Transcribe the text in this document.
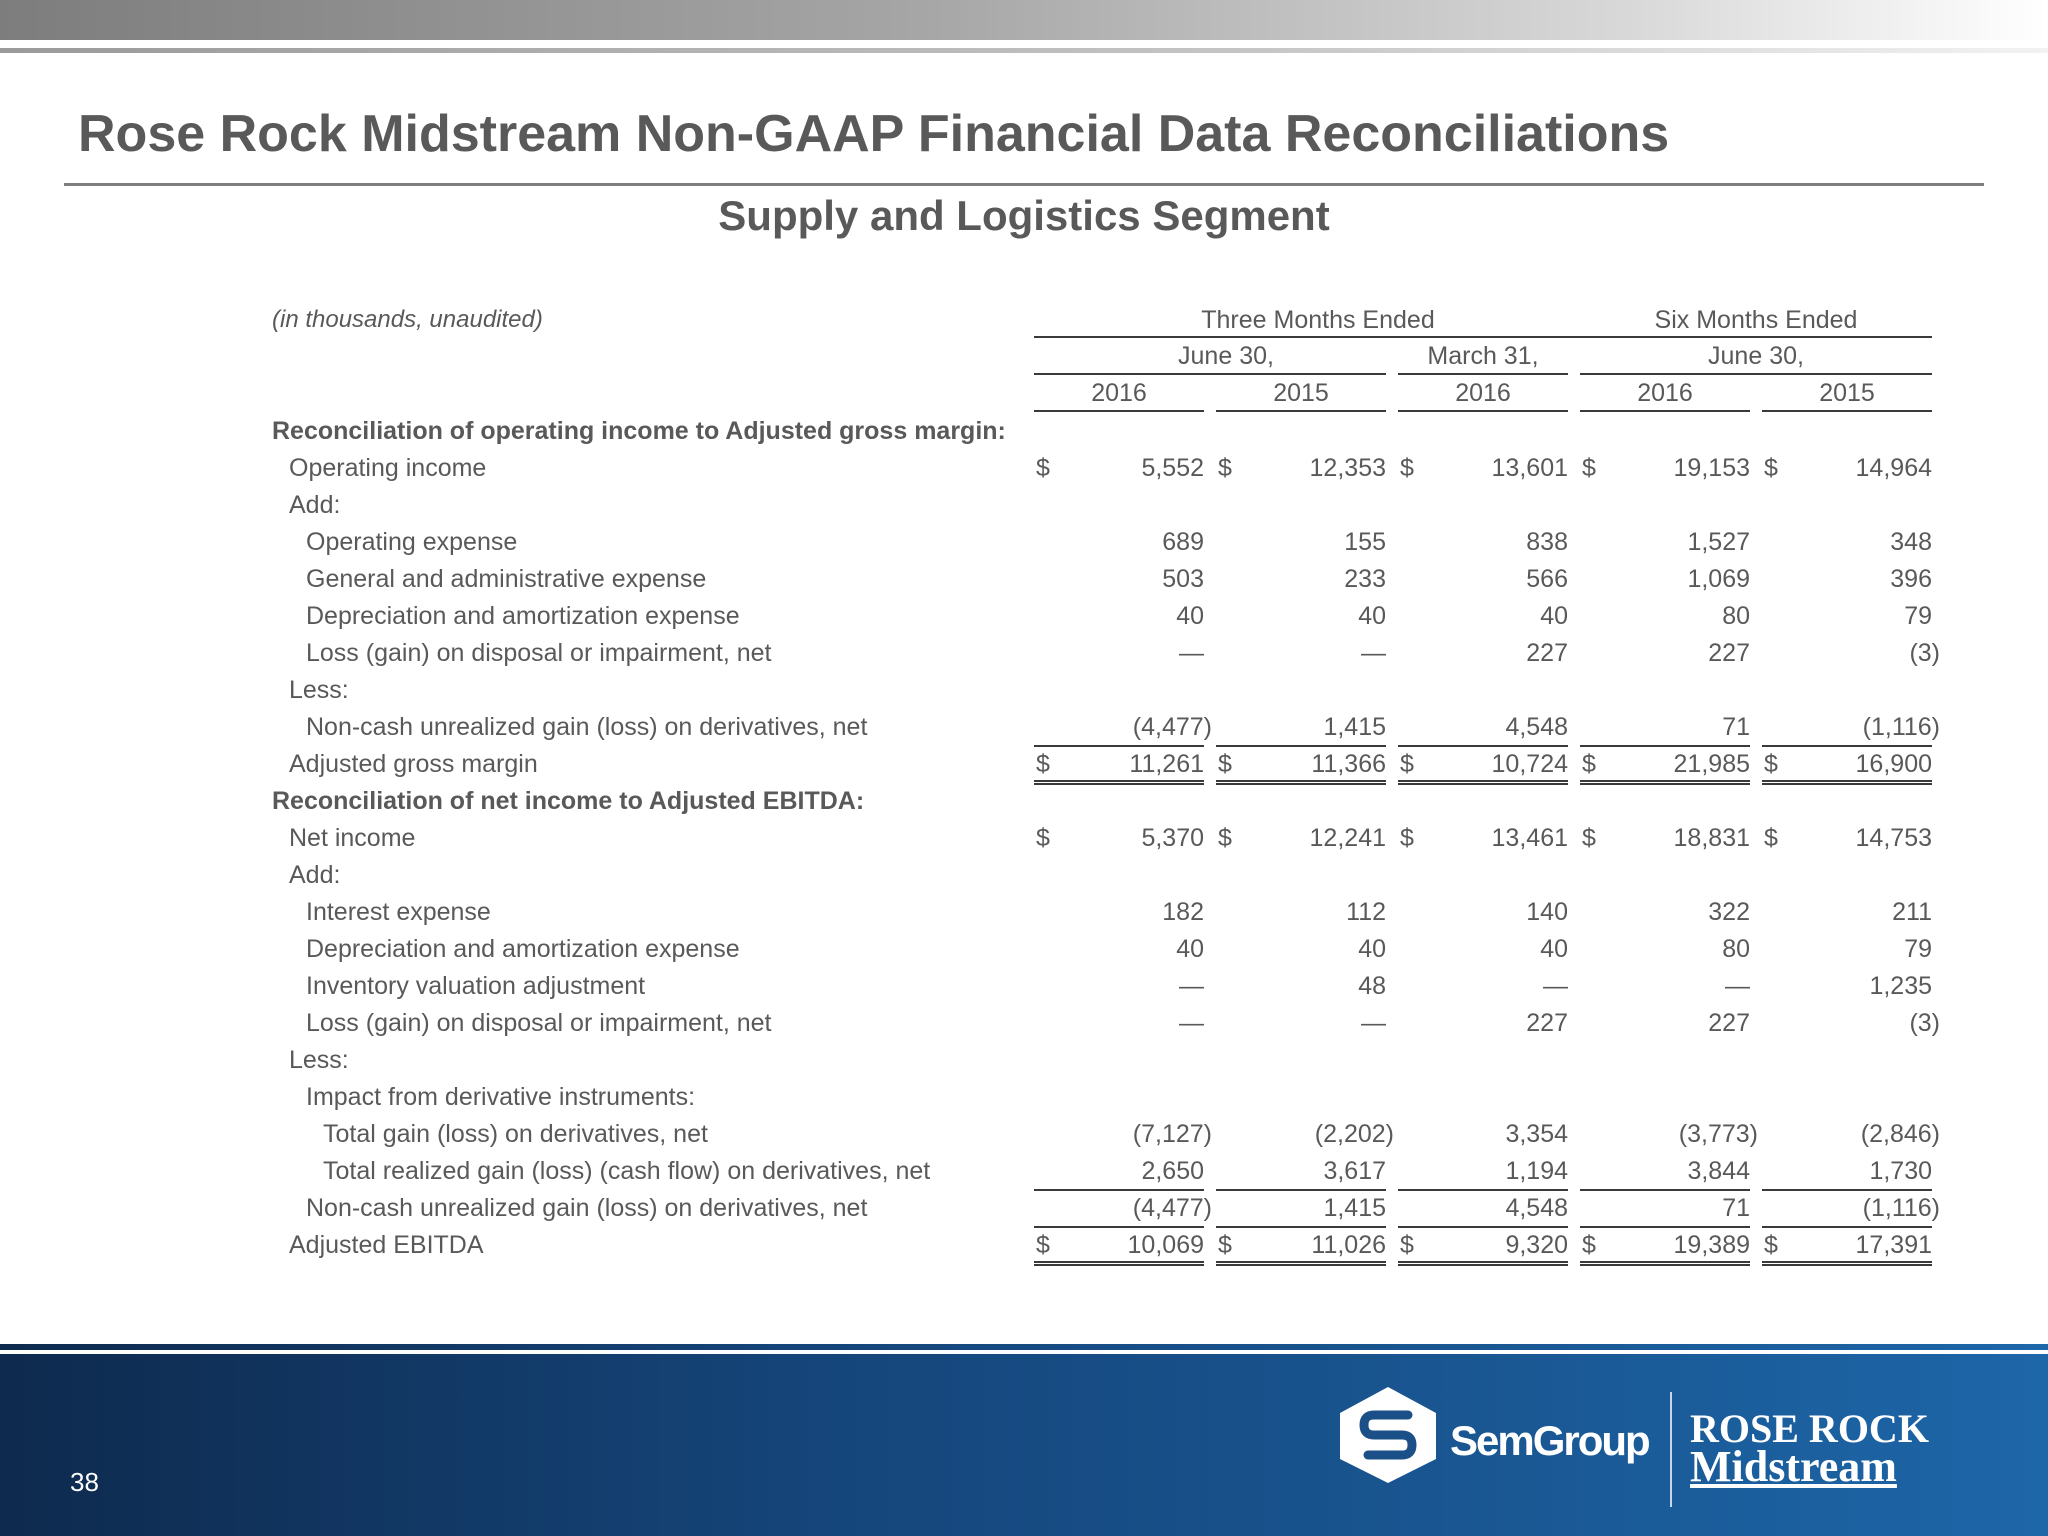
Rose Rock Midstream Non-GAAP Financial Data Reconciliations
Supply and Logistics Segment
(in thousands, unaudited)	Three Months Ended	Six Months Ended
June 30,	March 31,	June 30,
2016	2015	2016	2016	2015
Reconciliation of operating income to Adjusted gross margin:
Operating income	$	5,552 $	12,353 $	13,601 $	19,153 $	14,964
Add:
Operating expense	689	155	838	1,527	348
General and administrative expense	503	233	566	1,069	396
Depreciation and amortization expense	40	40	40	80	79
Loss (gain) on disposal or impairment, net	—	—	227	227	(3)
Less:
Non-cash unrealized gain (loss) on derivatives, net	(4,477)	1,415	4,548	71	(1,116)
Adjusted gross margin	$	11,261 $	11,366 $	10,724 $	21,985 $	16,900
Reconciliation of net income to Adjusted EBITDA:
Net income	$	5,370 $	12,241 $	13,461 $	18,831 $	14,753
Add:
Interest expense	182	112	140	322	211
Depreciation and amortization expense	40	40	40	80	79
Inventory valuation adjustment	—	48	—	—	1,235
Loss (gain) on disposal or impairment, net	—	—	227	227	(3)
Less:
Impact from derivative instruments:
Total gain (loss) on derivatives, net	(7,127)	(2,202)	3,354	(3,773)	(2,846)
Total realized gain (loss) (cash flow) on derivatives, net	2,650	3,617	1,194	3,844	1,730
Non-cash unrealized gain (loss) on derivatives, net	(4,477)	1,415	4,548	71	(1,116)
Adjusted EBITDA	$	10,069 $	11,026 $	9,320 $	19,389 $	17,391
38
SemGroup ROSE ROCK
Midstream
